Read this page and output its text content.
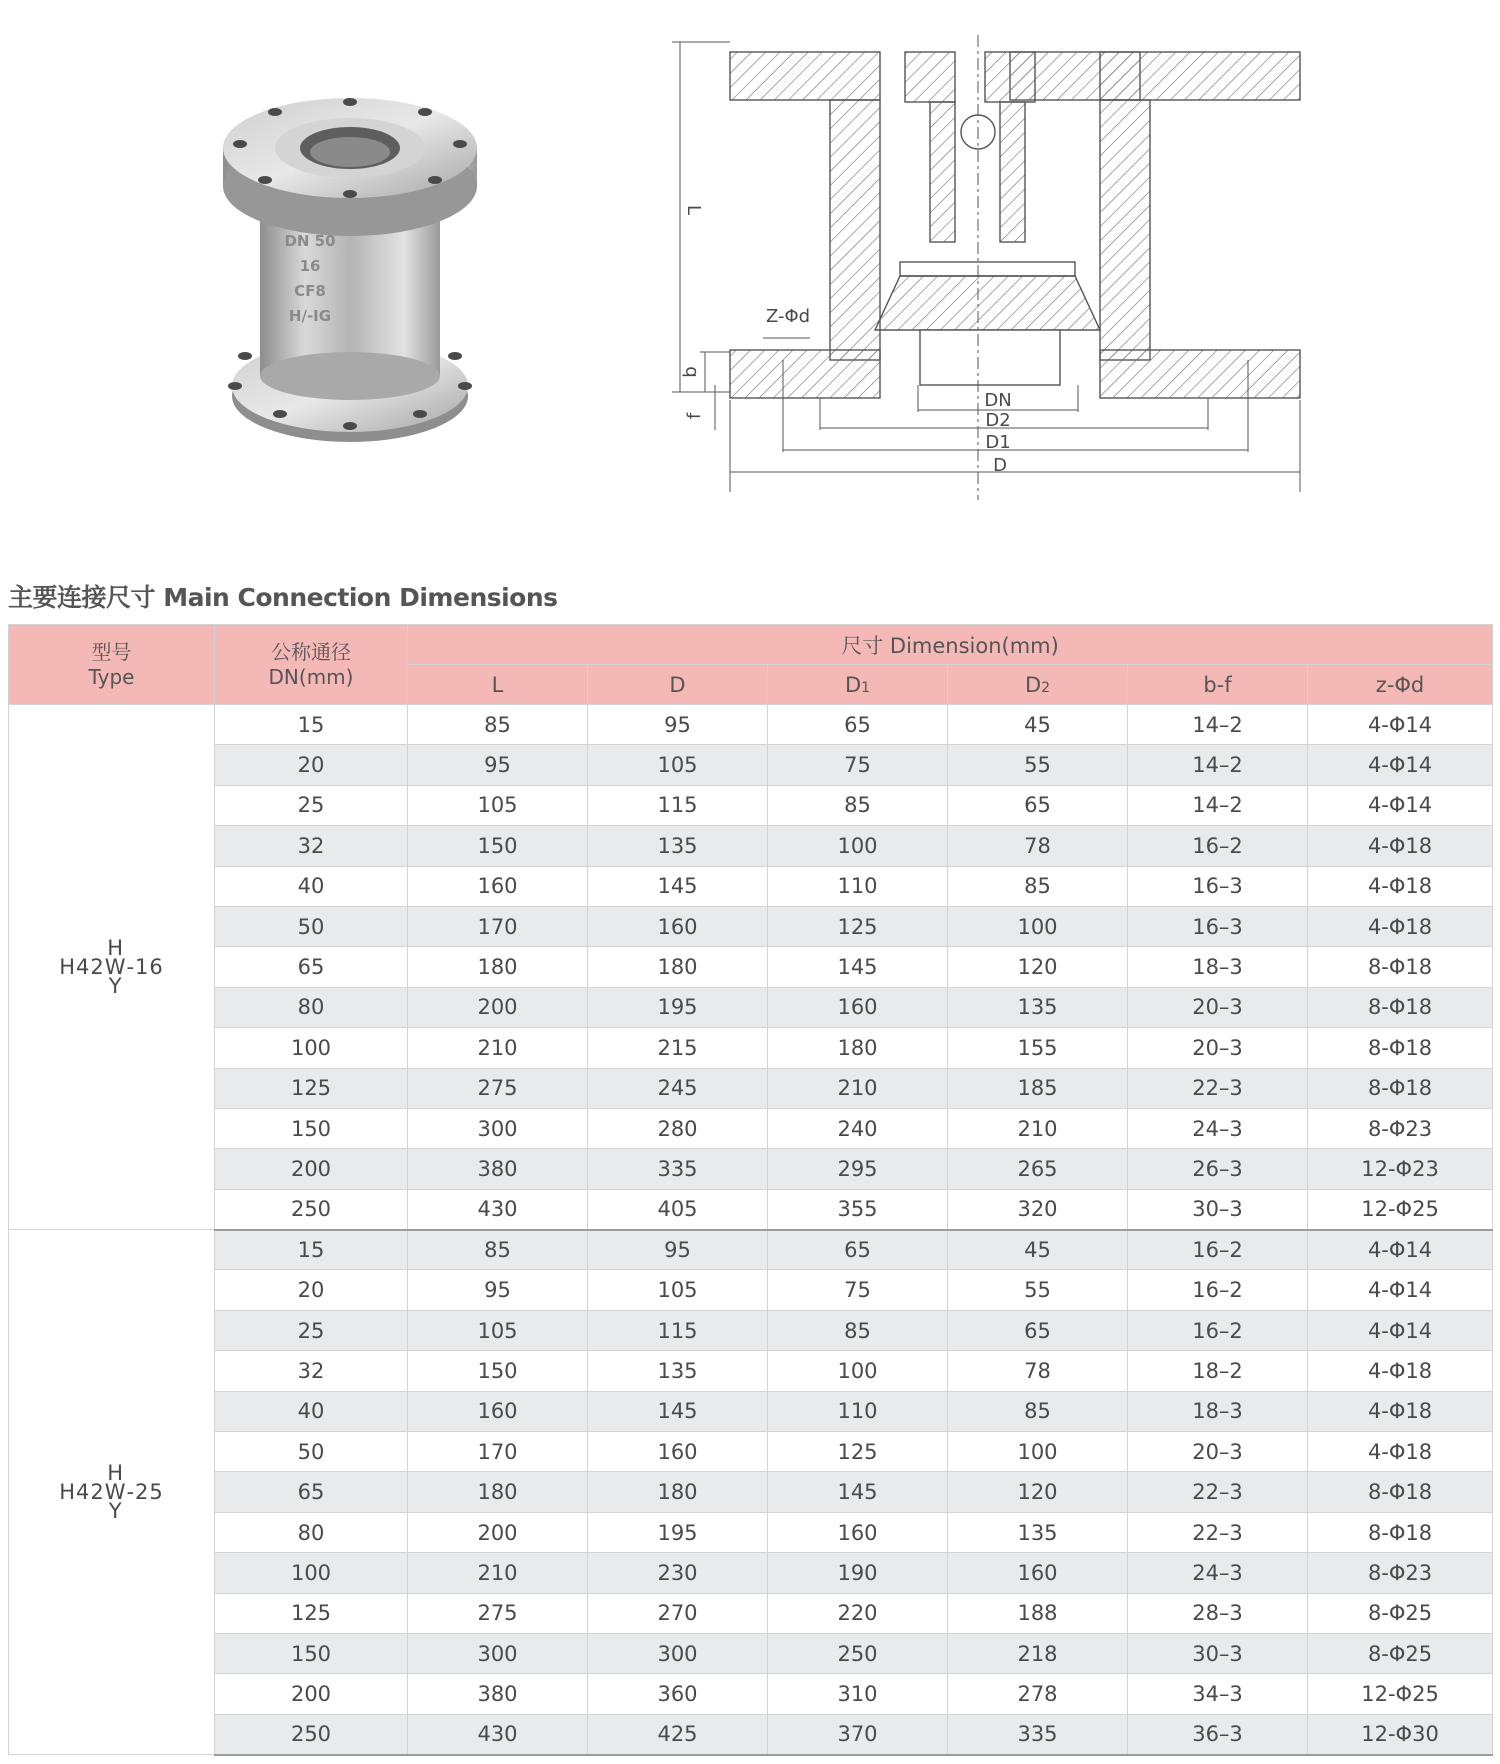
DN 50
16
CF8
H/-IG
L
b
f
Z-Φd
DN
D2
D1
D
主要连接尺寸 Main Connection Dimensions
型号
Type	公称通径
DN(mm)	尺寸 Dimension(mm)					
		L	D	D1	D2	b-f	z-Φd

H42
H
W
Y
-16	15	85	95	65	45	14–2	4-Φ14
	20	95	105	75	55	14–2	4-Φ14
	25	105	115	85	65	14–2	4-Φ14
	32	150	135	100	78	16–2	4-Φ18
	40	160	145	110	85	16–3	4-Φ18
	50	170	160	125	100	16–3	4-Φ18
	65	180	180	145	120	18–3	8-Φ18
	80	200	195	160	135	20–3	8-Φ18
	100	210	215	180	155	20–3	8-Φ18
	125	275	245	210	185	22–3	8-Φ18
	150	300	280	240	210	24–3	8-Φ23
	200	380	335	295	265	26–3	12-Φ23
	250	430	405	355	320	30–3	12-Φ25

H42
H
W
Y
-25	15	85	95	65	45	16–2	4-Φ14
	20	95	105	75	55	16–2	4-Φ14
	25	105	115	85	65	16–2	4-Φ14
	32	150	135	100	78	18–2	4-Φ18
	40	160	145	110	85	18–3	4-Φ18
	50	170	160	125	100	20–3	4-Φ18
	65	180	180	145	120	22–3	8-Φ18
	80	200	195	160	135	22–3	8-Φ18
	100	210	230	190	160	24–3	8-Φ23
	125	275	270	220	188	28–3	8-Φ25
	150	300	300	250	218	30–3	8-Φ25
	200	380	360	310	278	34–3	12-Φ25
	250	430	425	370	335	36–3	12-Φ30
